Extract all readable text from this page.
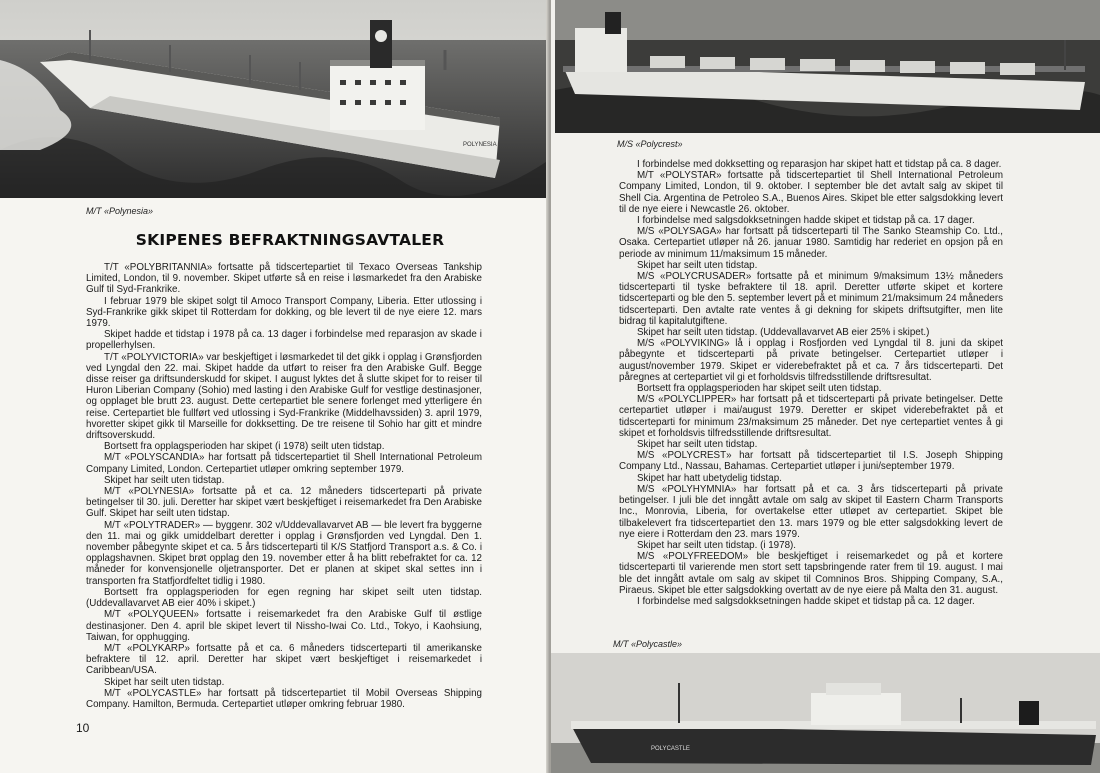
POLYNESIA
M/T «Polynesia»
SKIPENES BEFRAKTNINGSAVTALER

T/T «POLYBRITANNIA» fortsatte på tidscertepartiet til Texaco Overseas Tankship Limited, London, til 9. november. Skipet utførte så en reise i løsmarkedet fra den Arabiske Gulf til Syd-Frankrike.

I februar 1979 ble skipet solgt til Amoco Transport Company, Liberia. Etter utlossing i Syd-Frankrike gikk skipet til Rotterdam for dokking, og ble levert til de nye eiere 12. mars 1979.

Skipet hadde et tidstap i 1978 på ca. 13 dager i forbindelse med reparasjon av skade i propellerhylsen.

T/T «POLYVICTORIA» var beskjeftiget i løsmarkedet til det gikk i opplag i Grønsfjorden ved Lyngdal den 22. mai. Skipet hadde da utført to reiser fra den Arabiske Gulf. Begge disse reiser ga driftsunderskudd for skipet. I august lyktes det å slutte skipet for to reiser til Huron Liberian Company (Sohio) med lasting i den Arabiske Gulf for vestlige destinasjoner, og opplaget ble brutt 23. august. Dette certepartiet ble senere forlenget med ytterligere én reise. Certepartiet ble fullført ved utlossing i Syd-Frankrike (Middelhavssiden) 3. april 1979, hvoretter skipet gikk til Marseille for dokksetting. De tre reisene til Sohio har gitt et mindre driftsoverskudd.

Bortsett fra opplagsperioden har skipet (i 1978) seilt uten tidstap.

M/T «POLYSCANDIA» har fortsatt på tidscertepartiet til Shell International Petroleum Company Limited, London. Certepartiet utløper omkring september 1979.

Skipet har seilt uten tidstap.

M/T «POLYNESIA» fortsatte på et ca. 12 måneders tidscerteparti på private betingelser til 30. juli. Deretter har skipet vært beskjeftiget i reisemarkedet fra Den Arabiske Gulf. Skipet har seilt uten tidstap.

M/T «POLYTRADER» — byggenr. 302 v/Uddevallavarvet AB — ble levert fra byggerne den 11. mai og gikk umiddelbart deretter i opplag i Grønsfjorden ved Lyngdal. Den 1. november påbegynte skipet et ca. 5 års tidscerteparti til K/S Statfjord Transport a.s. & Co. i opplagshavnen. Skipet brøt opplag den 19. november etter å ha blitt rebefraktet for ca. 12 måneder for konvensjonelle oljetransporter. Det er planen at skipet skal settes inn i transporten fra Statfjordfeltet tidlig i 1980.

Bortsett fra opplagsperioden for egen regning har skipet seilt uten tidstap. (Uddevallavarvet AB eier 40% i skipet.)

M/T «POLYQUEEN» fortsatte i reisemarkedet fra den Arabiske Gulf til østlige destinasjoner. Den 4. april ble skipet levert til Nissho-Iwai Co. Ltd., Tokyo, i Kaohsiung, Taiwan, for opphugging.

M/T «POLYKARP» fortsatte på et ca. 6 måneders tidscerteparti til amerikanske befraktere til 12. april. Deretter har skipet vært beskjeftiget i reisemarkedet i Caribbean/USA.

Skipet har seilt uten tidstap.

M/T «POLYCASTLE» har fortsatt på tidscertepartiet til Mobil Overseas Shipping Company. Hamilton, Bermuda. Certepartiet utløper omkring februar 1980.

10
M/S «Polycrest»

I forbindelse med dokksetting og reparasjon har skipet hatt et tidstap på ca. 8 dager.

M/T «POLYSTAR» fortsatte på tidscertepartiet til Shell International Petroleum Company Limited, London, til 9. oktober. I september ble det avtalt salg av skipet til Shell Cia. Argentina de Petroleo S.A., Buenos Aires. Skipet ble etter salgsdokking levert til de nye eiere i Newcastle 26. oktober.

I forbindelse med salgsdokksetningen hadde skipet et tidstap på ca. 17 dager.

M/S «POLYSAGA» har fortsatt på tidscerteparti til The Sanko Steamship Co. Ltd., Osaka. Certepartiet utløper nå 26. januar 1980. Samtidig har rederiet en opsjon på en periode av minimum 11/maksimum 15 måneder.

Skipet har seilt uten tidstap.

M/S «POLYCRUSADER» fortsatte på et minimum 9/maksimum 13½ måneders tidscerteparti til tyske befraktere til 18. april. Deretter utførte skipet et kortere tidscerteparti og ble den 5. september levert på et minimum 21/maksimum 24 måneders tidscerteparti. Den avtalte rate ventes å gi dekning for skipets driftsutgifter, men lite bidrag til kapitalutgiftene.

Skipet har seilt uten tidstap. (Uddevallavarvet AB eier 25% i skipet.)

M/S «POLYVIKING» lå i opplag i Rosfjorden ved Lyngdal til 8. juni da skipet påbegynte et tidscerteparti på private betingelser. Certepartiet utløper i august/november 1979. Skipet er viderebefraktet på et ca. 7 års tidscerteparti. Det påregnes at certepartiet vil gi et forholdsvis tilfredsstillende driftsresultat.

Bortsett fra opplagsperioden har skipet seilt uten tidstap.

M/S «POLYCLIPPER» har fortsatt på et tidscerteparti på private betingelser. Dette certepartiet utløper i mai/august 1979. Deretter er skipet viderebefraktet på et tidscerteparti for minimum 23/maksimum 25 måneder. Det nye certepartiet ventes å gi skipet et forholdsvis tilfredsstillende driftsresultat.

Skipet har seilt uten tidstap.

M/S «POLYCREST» har fortsatt på tidscertepartiet til I.S. Joseph Shipping Company Ltd., Nassau, Bahamas. Certepartiet utløper i juni/september 1979.

Skipet har hatt ubetydelig tidstap.

M/S «POLYHYMNIA» har fortsatt på et ca. 3 års tidscerteparti på private betingelser. I juli ble det inngått avtale om salg av skipet til Eastern Charm Transports Inc., Monrovia, Liberia, for overtakelse etter utløpet av certepartiet. Skipet ble tilbakelevert fra tidscertepartiet den 13. mars 1979 og ble etter salgsdokking levert de nye eiere i Rotterdam den 23. mars 1979.

Skipet har seilt uten tidstap. (i 1978).

M/S «POLYFREEDOM» ble beskjeftiget i reisemarkedet og på et kortere tidscerteparti til varierende men stort sett tapsbringende rater frem til 19. august. I mai ble det inngått avtale om salg av skipet til Comninos Bros. Shipping Company, S.A., Piraeus. Skipet ble etter salgsdokking overtatt av de nye eiere på Malta den 31. august.

I forbindelse med salgsdokksetningen hadde skipet et tidstap på ca. 12 dager.

M/T «Polycastle»
POLYCASTLE
